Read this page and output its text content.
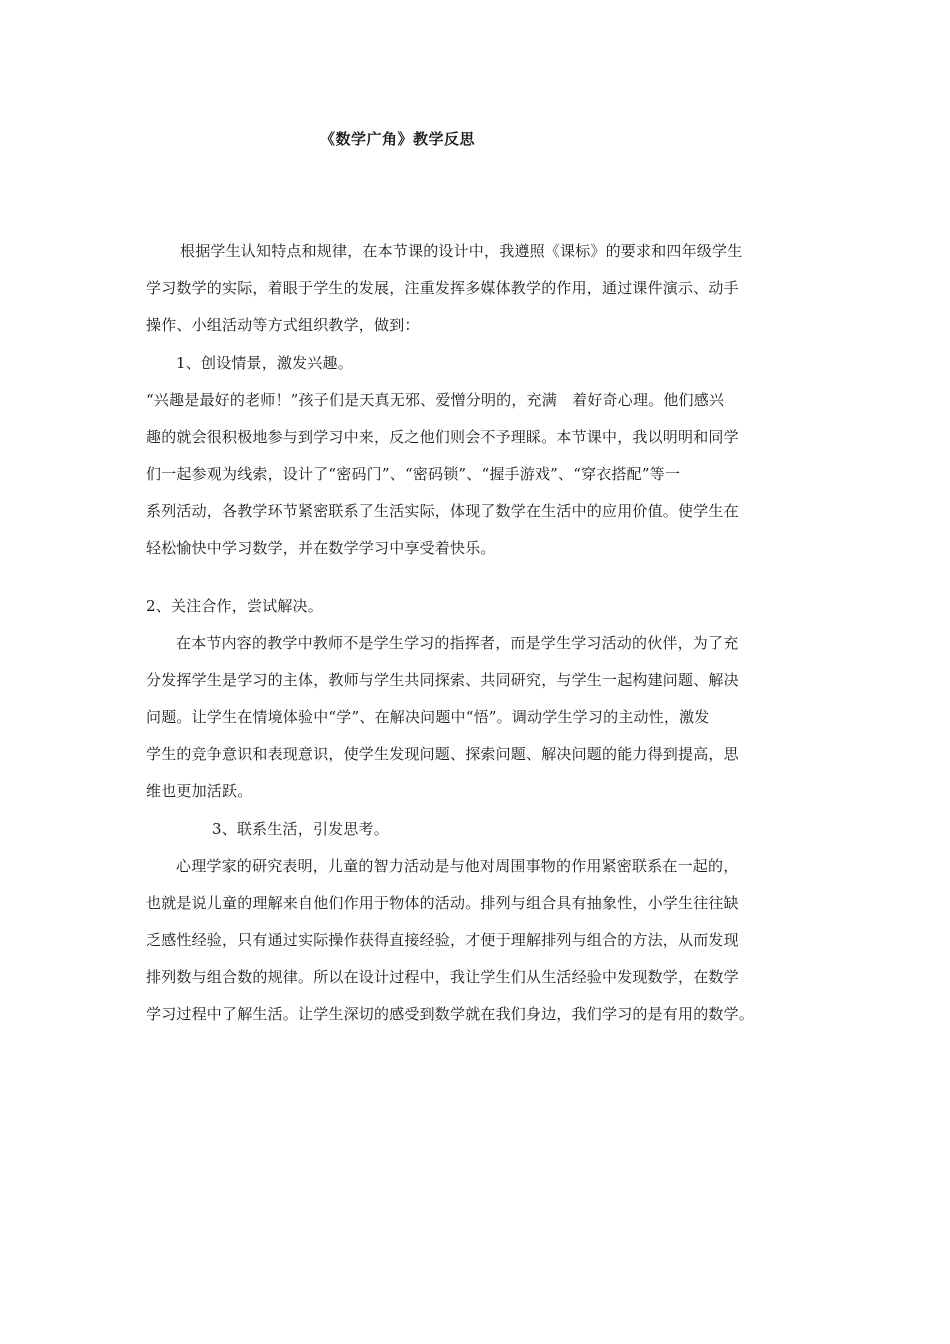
《数学广角》教学反思
根据学生认知特点和规律，在本节课的设计中，我遵照《课标》的要求和四年级学生
学习数学的实际，着眼于学生的发展，注重发挥多媒体教学的作用，通过课件演示、动手
操作、小组活动等方式组织教学，做到：
1、创设情景，激发兴趣。
“兴趣是最好的老师！”孩子们是天真无邪、爱憎分明的，充满　着好奇心理。他们感兴
趣的就会很积极地参与到学习中来，反之他们则会不予理睬。本节课中，我以明明和同学
们一起参观为线索，设计了“密码门”、“密码锁”、“握手游戏”、“穿衣搭配”等一
系列活动，各教学环节紧密联系了生活实际，体现了数学在生活中的应用价值。使学生在
轻松愉快中学习数学，并在数学学习中享受着快乐。
2、关注合作，尝试解决。
在本节内容的教学中教师不是学生学习的指挥者，而是学生学习活动的伙伴，为了充
分发挥学生是学习的主体，教师与学生共同探索、共同研究，与学生一起构建问题、解决
问题。让学生在情境体验中“学”、在解决问题中“悟”。调动学生学习的主动性，激发
学生的竞争意识和表现意识，使学生发现问题、探索问题、解决问题的能力得到提高，思
维也更加活跃。
3、联系生活，引发思考。
心理学家的研究表明，儿童的智力活动是与他对周围事物的作用紧密联系在一起的，
也就是说儿童的理解来自他们作用于物体的活动。排列与组合具有抽象性，小学生往往缺
乏感性经验，只有通过实际操作获得直接经验，才便于理解排列与组合的方法，从而发现
排列数与组合数的规律。所以在设计过程中，我让学生们从生活经验中发现数学，在数学
学习过程中了解生活。让学生深切的感受到数学就在我们身边，我们学习的是有用的数学。
